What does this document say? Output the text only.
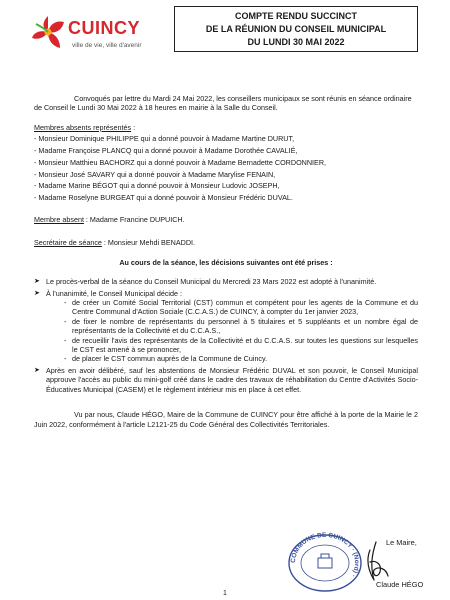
CUINCY
ville de vie, ville d'avenir
COMPTE RENDU SUCCINCT
DE LA RÉUNION DU CONSEIL MUNICIPAL
DU LUNDI 30 MAI 2022

Convoqués par lettre du Mardi 24 Mai 2022, les conseillers municipaux se sont réunis en séance ordinaire de Conseil le Lundi 30 Mai 2022 à 18 heures en mairie à la Salle du Conseil.

Membres absents représentés :

- Monsieur Dominique PHILIPPE qui a donné pouvoir à Madame Martine DURUT,
- Madame Françoise PLANCQ qui a donné pouvoir à Madame Dorothée CAVALIÉ,
- Monsieur Matthieu BACHORZ qui a donné pouvoir à Madame Bernadette CORDONNIER,
- Monsieur José SAVARY qui a donné pouvoir à Madame Marylise FENAIN,
- Madame Marine BÉGOT qui a donné pouvoir à Monsieur Ludovic JOSEPH,
- Madame Roselyne BURGEAT qui a donné pouvoir à Monsieur Frédéric DUVAL.

Membre absent : Madame Francine DUPUICH.

Secrétaire de séance : Monsieur Mehdi BENADDI.

Au cours de la séance, les décisions suivantes ont été prises :

➤ Le procès-verbal de la séance du Conseil Municipal du Mercredi 23 Mars 2022 est adopté à l'unanimité.
➤ À l'unanimité, le Conseil Municipal décide :
- de créer un Comité Social Territorial (CST) commun et compétent pour les agents de la Commune et du Centre Communal d'Action Sociale (C.C.A.S.) de CUINCY, à compter du 1er janvier 2023,
- de fixer le nombre de représentants du personnel à 5 titulaires et 5 suppléants et un nombre égal de représentants de la Collectivité et du C.C.A.S.,
- de recueillir l'avis des représentants de la Collectivité et du C.C.A.S. sur toutes les questions sur lesquelles le CST est amené à se prononcer,
- de placer le CST commun auprès de la Commune de Cuincy.
➤ Après en avoir délibéré, sauf les abstentions de Monsieur Frédéric DUVAL et son pouvoir, le Conseil Municipal approuve l'accès au public du mini-golf créé dans le cadre des travaux de réhabilitation du Centre d'Activités Socio-Éducatives Municipal (CASEM) et le règlement intérieur mis en place à cet effet.

Vu par nous, Claude HÉGO, Maire de la Commune de CUINCY pour être affiché à la porte de la Mairie le 2 Juin 2022, conformément à l'article L2121-25 du Code Général des Collectivités Territoriales.

COMMUNE DE CUINCY · (Nord) ·
Le Maire,
Claude HÉGO
1
